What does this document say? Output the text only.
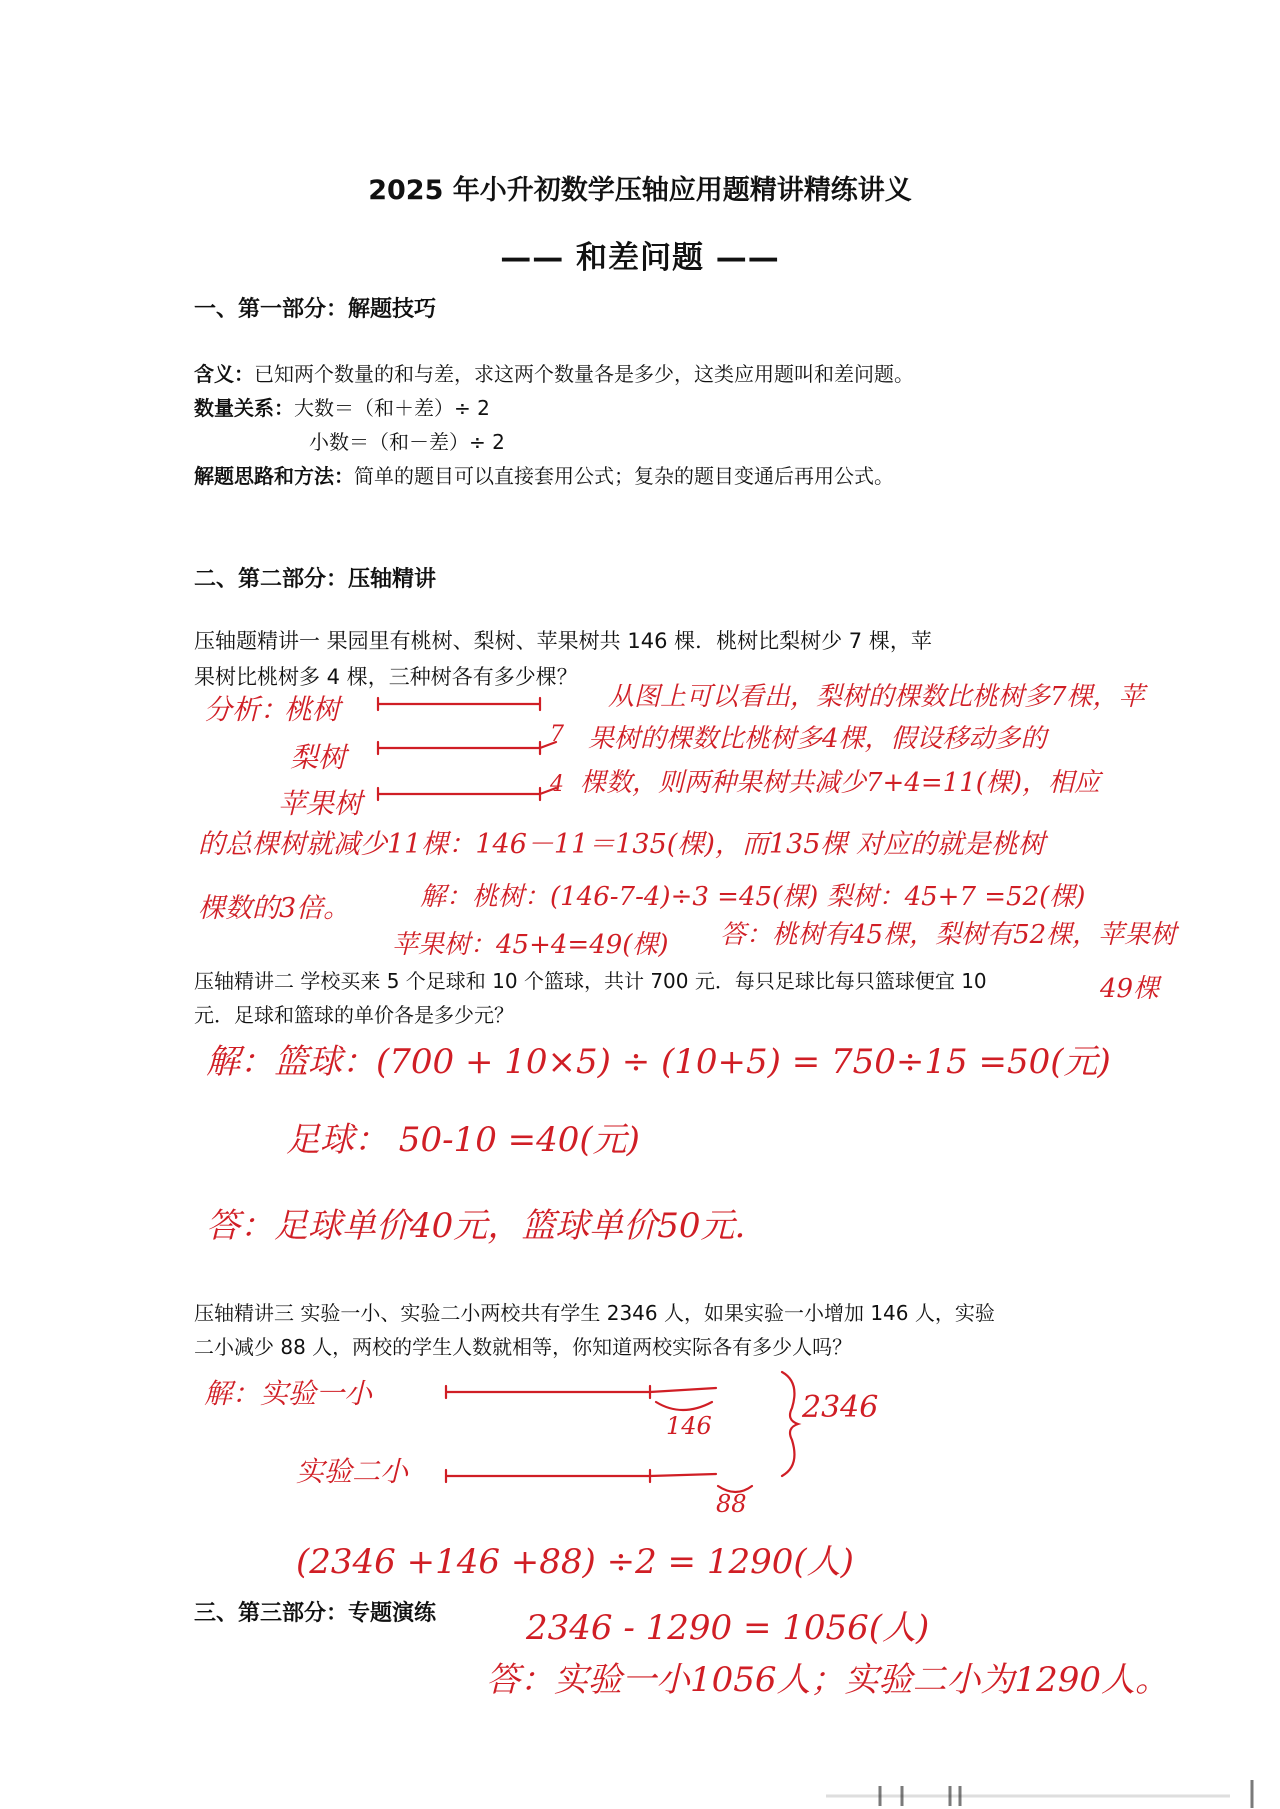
2025 年小升初数学压轴应用题精讲精练讲义
—— 和差问题 ——
一、第一部分：解题技巧
含义：已知两个数量的和与差，求这两个数量各是多少，这类应用题叫和差问题。
数量关系：大数＝（和＋差）÷ 2
小数＝（和－差）÷ 2
解题思路和方法：简单的题目可以直接套用公式；复杂的题目变通后再用公式。
二、第二部分：压轴精讲
压轴题精讲一 果园里有桃树、梨树、苹果树共 146 棵．桃树比梨树少 7 棵，苹
果树比桃树多 4 棵，三种树各有多少棵？
分析：
桃树
梨树
苹果树
7
4
从图上可以看出，梨树的棵数比桃树多7棵，苹
果树的棵数比桃树多4棵，假设移动多的
棵数，则两种果树共减少7+4=11(棵)，相应
的总棵树就减少11棵：146－11＝135(棵)，而135棵 对应的就是桃树
棵数的3倍。	解：桃树：(146-7-4)÷3 =45(棵) 梨树：45+7 =52(棵)
苹果树：45+4=49(棵) 答：桃树有45棵，梨树有52棵，苹果树
49棵
压轴精讲二 学校买来 5 个足球和 10 个篮球，共计 700 元．每只足球比每只篮球便宜 10
元．足球和篮球的单价各是多少元？
解：篮球：(700 + 10×5) ÷ (10+5) = 750÷15 =50(元)
足球： 50-10 =40(元)
答：足球单价40元，篮球单价50元.
压轴精讲三 实验一小、实验二小两校共有学生 2346 人，如果实验一小增加 146 人，实验
二小减少 88 人，两校的学生人数就相等，你知道两校实际各有多少人吗？
解：实验一小
实验二小
146
2346
88
(2346 +146 +88) ÷2 = 1290(人)
三、第三部分：专题演练	2346 - 1290 = 1056(人)
答：实验一小1056人；实验二小为1290人。
